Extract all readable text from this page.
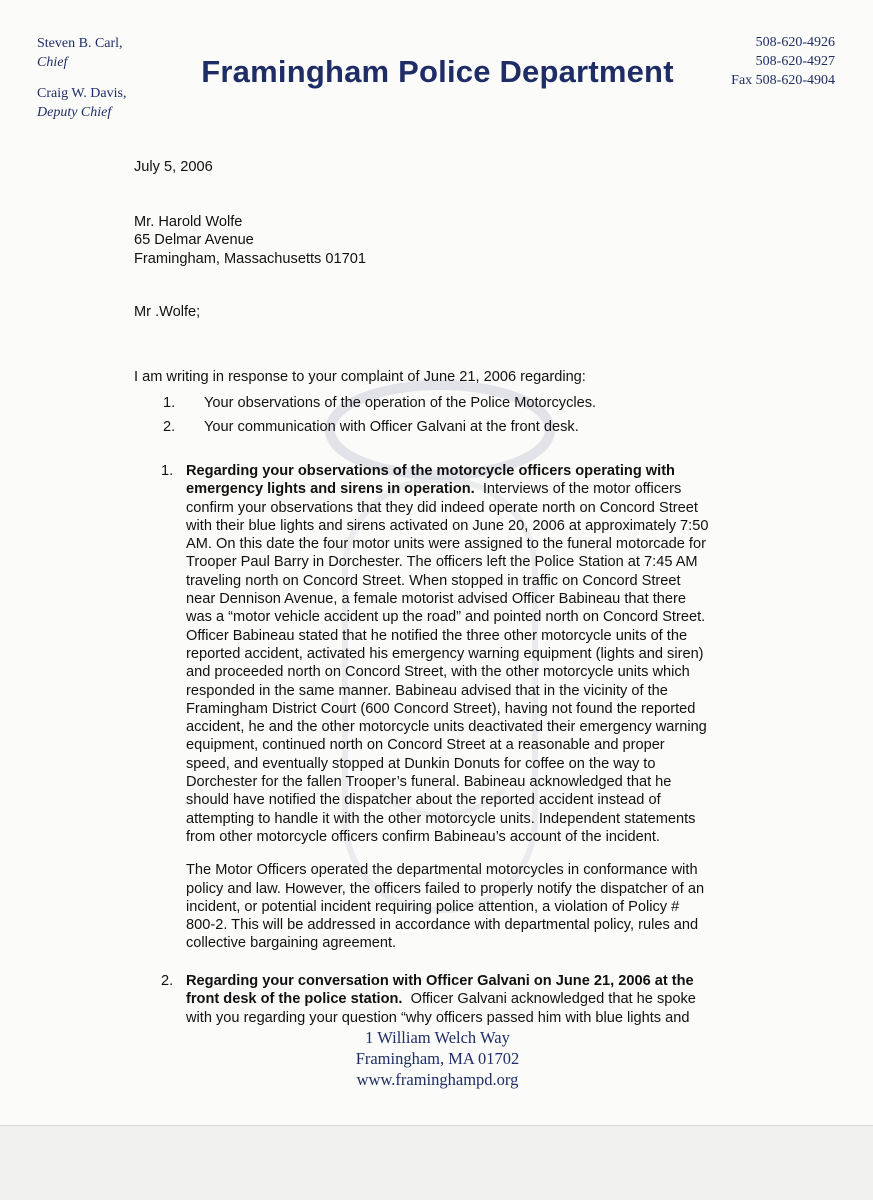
Steven B. Carl,
Chief
Craig W. Davis,
Deputy Chief
Framingham Police Department
508-620-4926
508-620-4927
Fax 508-620-4904
July 5, 2006
Mr. Harold Wolfe
65 Delmar Avenue
Framingham, Massachusetts 01701
Mr .Wolfe;
I am writing in response to your complaint of June 21, 2006 regarding:
1.	Your observations of the operation of the Police Motorcycles.
2.	Your communication with Officer Galvani at the front desk.
1. Regarding your observations of the motorcycle officers operating with
emergency lights and sirens in operation. Interviews of the motor officers
confirm your observations that they did indeed operate north on Concord Street
with their blue lights and sirens activated on June 20, 2006 at approximately 7:50
AM. On this date the four motor units were assigned to the funeral motorcade for
Trooper Paul Barry in Dorchester. The officers left the Police Station at 7:45 AM
traveling north on Concord Street. When stopped in traffic on Concord Street
near Dennison Avenue, a female motorist advised Officer Babineau that there
was a “motor vehicle accident up the road” and pointed north on Concord Street.
Officer Babineau stated that he notified the three other motorcycle units of the
reported accident, activated his emergency warning equipment (lights and siren)
and proceeded north on Concord Street, with the other motorcycle units which
responded in the same manner. Babineau advised that in the vicinity of the
Framingham District Court (600 Concord Street), having not found the reported
accident, he and the other motorcycle units deactivated their emergency warning
equipment, continued north on Concord Street at a reasonable and proper
speed, and eventually stopped at Dunkin Donuts for coffee on the way to
Dorchester for the fallen Trooper’s funeral. Babineau acknowledged that he
should have notified the dispatcher about the reported accident instead of
attempting to handle it with the other motorcycle units. Independent statements
from other motorcycle officers confirm Babineau’s account of the incident.
The Motor Officers operated the departmental motorcycles in conformance with
policy and law. However, the officers failed to properly notify the dispatcher of an
incident, or potential incident requiring police attention, a violation of Policy #
800-2. This will be addressed in accordance with departmental policy, rules and
collective bargaining agreement.
2. Regarding your conversation with Officer Galvani on June 21, 2006 at the
front desk of the police station. Officer Galvani acknowledged that he spoke
with you regarding your question “why officers passed him with blue lights and
1 William Welch Way
Framingham, MA 01702
www.framinghampd.org
